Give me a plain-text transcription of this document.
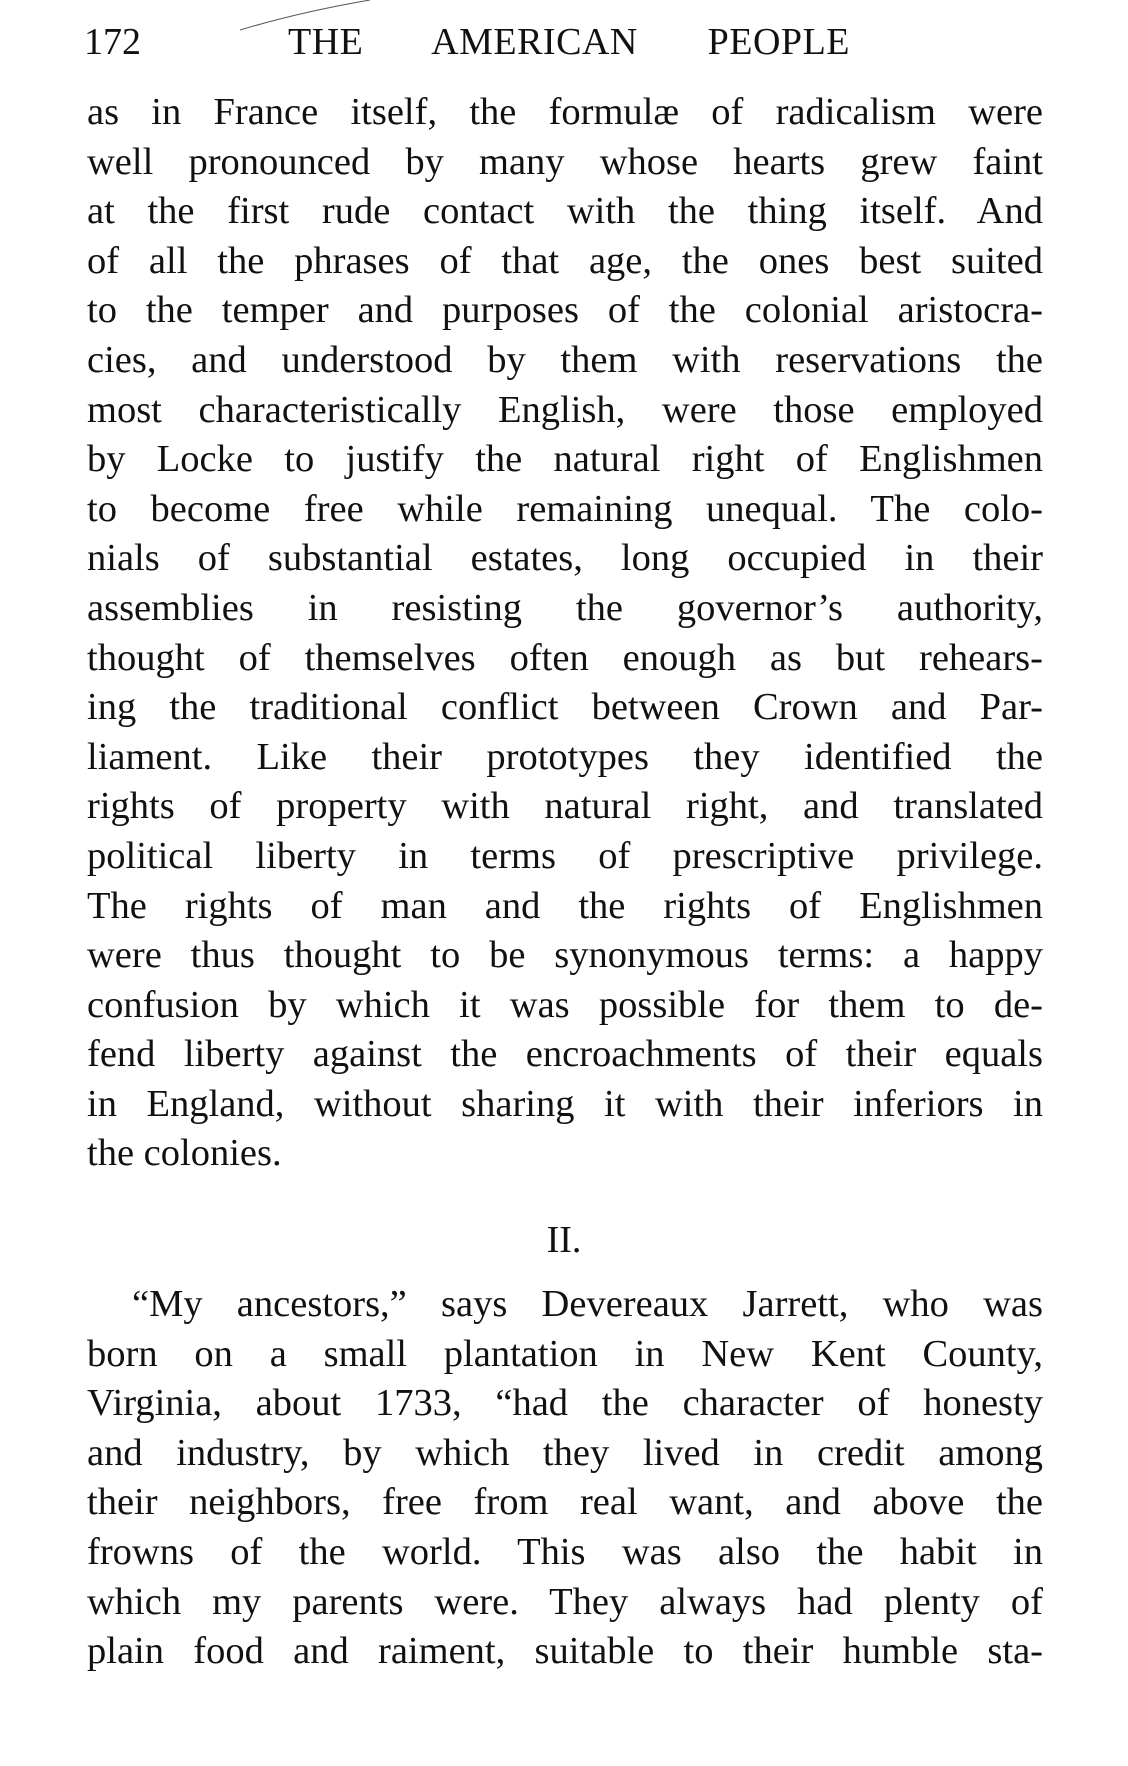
172	THE AMERICAN PEOPLE
as in France itself, the formulæ of radicalism were
well pronounced by many whose hearts grew faint
at the first rude contact with the thing itself. And
of all the phrases of that age, the ones best suited
to the temper and purposes of the colonial aristocra-
cies, and understood by them with reservations the
most characteristically English, were those employed
by Locke to justify the natural right of Englishmen
to become free while remaining unequal. The colo-
nials of substantial estates, long occupied in their
assemblies in resisting the governor’s authority,
thought of themselves often enough as but rehears-
ing the traditional conflict between Crown and Par-
liament. Like their prototypes they identified the
rights of property with natural right, and translated
political liberty in terms of prescriptive privilege.
The rights of man and the rights of Englishmen
were thus thought to be synonymous terms: a happy
confusion by which it was possible for them to de-
fend liberty against the encroachments of their equals
in England, without sharing it with their inferiors in
the colonies.
II.
“My ancestors,” says Devereaux Jarrett, who was
born on a small plantation in New Kent County,
Virginia, about 1733, “had the character of honesty
and industry, by which they lived in credit among
their neighbors, free from real want, and above the
frowns of the world. This was also the habit in
which my parents were. They always had plenty of
plain food and raiment, suitable to their humble sta-
